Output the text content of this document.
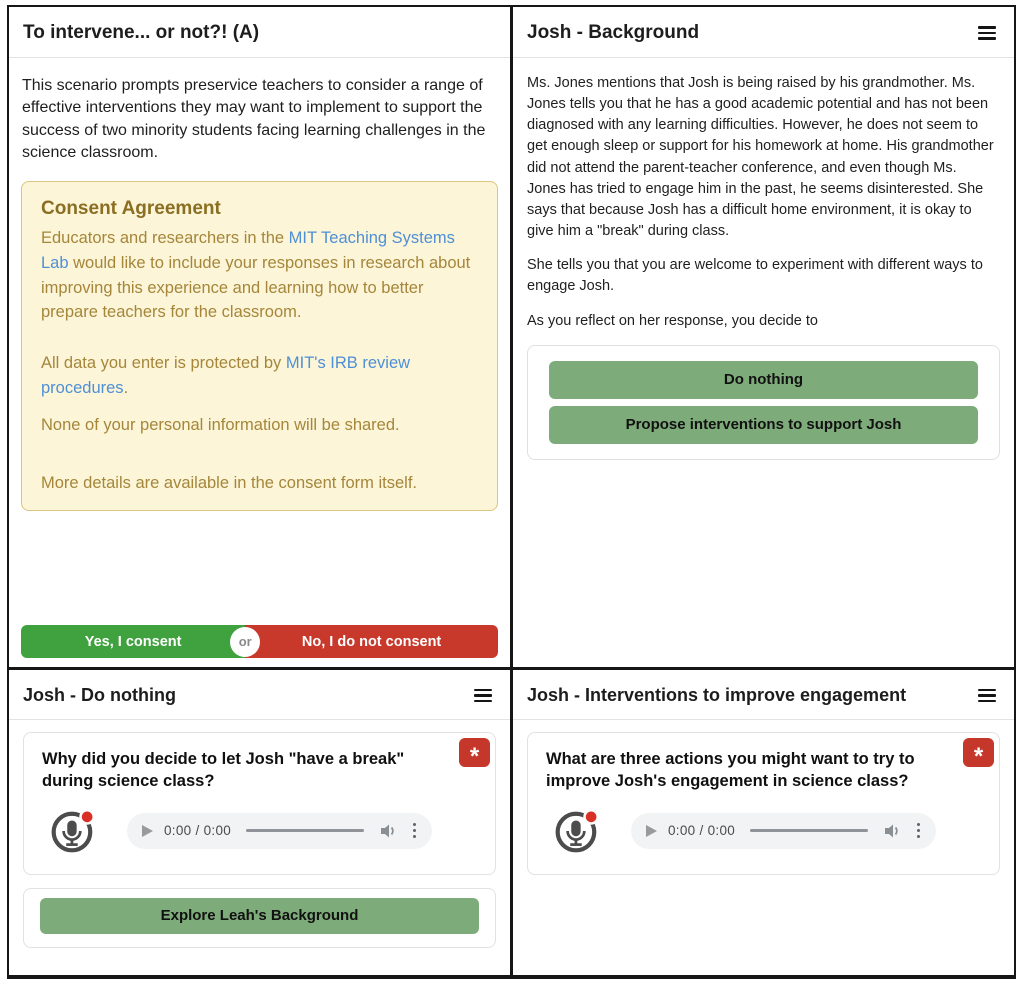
To intervene... or not?! (A)
This scenario prompts preservice teachers to consider a range of effective interventions they may want to implement to support the success of two minority students facing learning challenges in the science classroom.
Consent Agreement
Educators and researchers in the MIT Teaching Systems Lab would like to include your responses in research about improving this experience and learning how to better prepare teachers for the classroom.
All data you enter is protected by MIT's IRB review procedures.
None of your personal information will be shared.
More details are available in the consent form itself.
Yes, I consent	No, I do not consent
or
Josh - Background

Ms. Jones mentions that Josh is being raised by his grandmother. Ms. Jones tells you that he has a good academic potential and has not been diagnosed with any learning difficulties. However, he does not seem to get enough sleep or support for his homework at home. His grandmother did not attend the parent-teacher conference, and even though Ms. Jones has tried to engage him in the past, he seems disinterested. She says that because Josh has a difficult home environment, it is okay to give him a "break" during class.

She tells you that you are welcome to experiment with different ways to engage Josh.

As you reflect on her response, you decide to

Do nothing
Propose interventions to support Josh
Josh - Do nothing
*
Why did you decide to let Josh "have a break" during science class?
0:00 / 0:00
Explore Leah's Background
Josh - Interventions to improve engagement
*
What are three actions you might want to try to improve Josh's engagement in science class?
0:00 / 0:00
